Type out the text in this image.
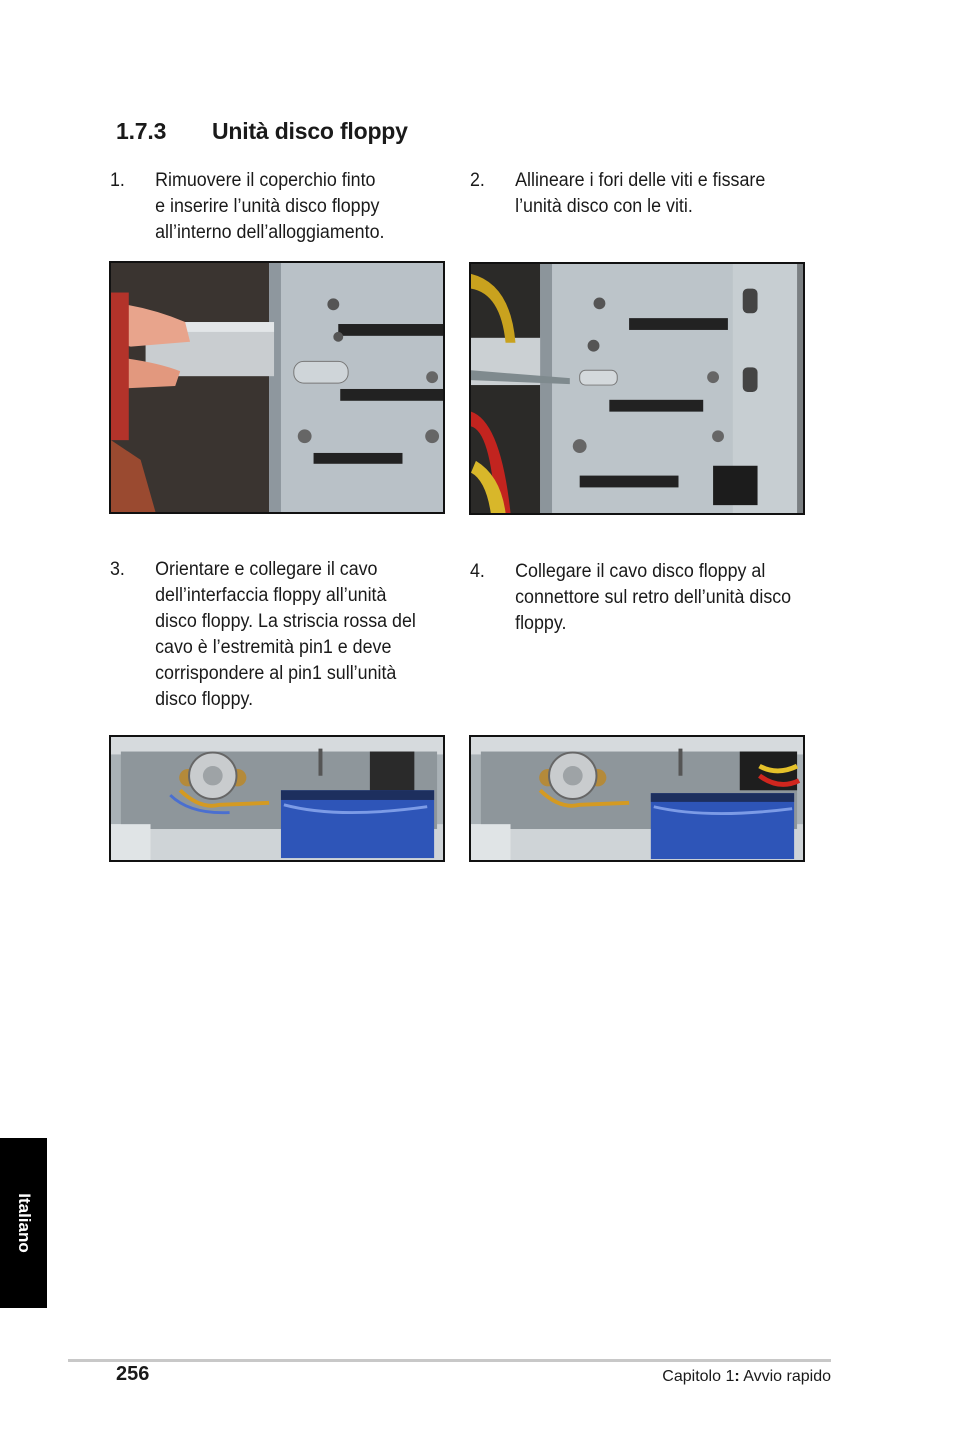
1.7.3 Unità disco floppy
1. Rimuovere il coperchio finto
e inserire l’unità disco floppy
all’interno dell’alloggiamento.
2. Allineare i fori delle viti e fissare
l’unità disco con le viti.
3. Orientare e collegare il cavo
dell’interfaccia floppy all’unità
disco floppy. La striscia rossa del
cavo è l’estremità pin1 e deve
corrispondere al pin1 sull’unità
disco floppy.
4. Collegare il cavo disco floppy al
connettore sul retro dell’unità disco
floppy.
Italiano
256	Capitolo 1: Avvio rapido
